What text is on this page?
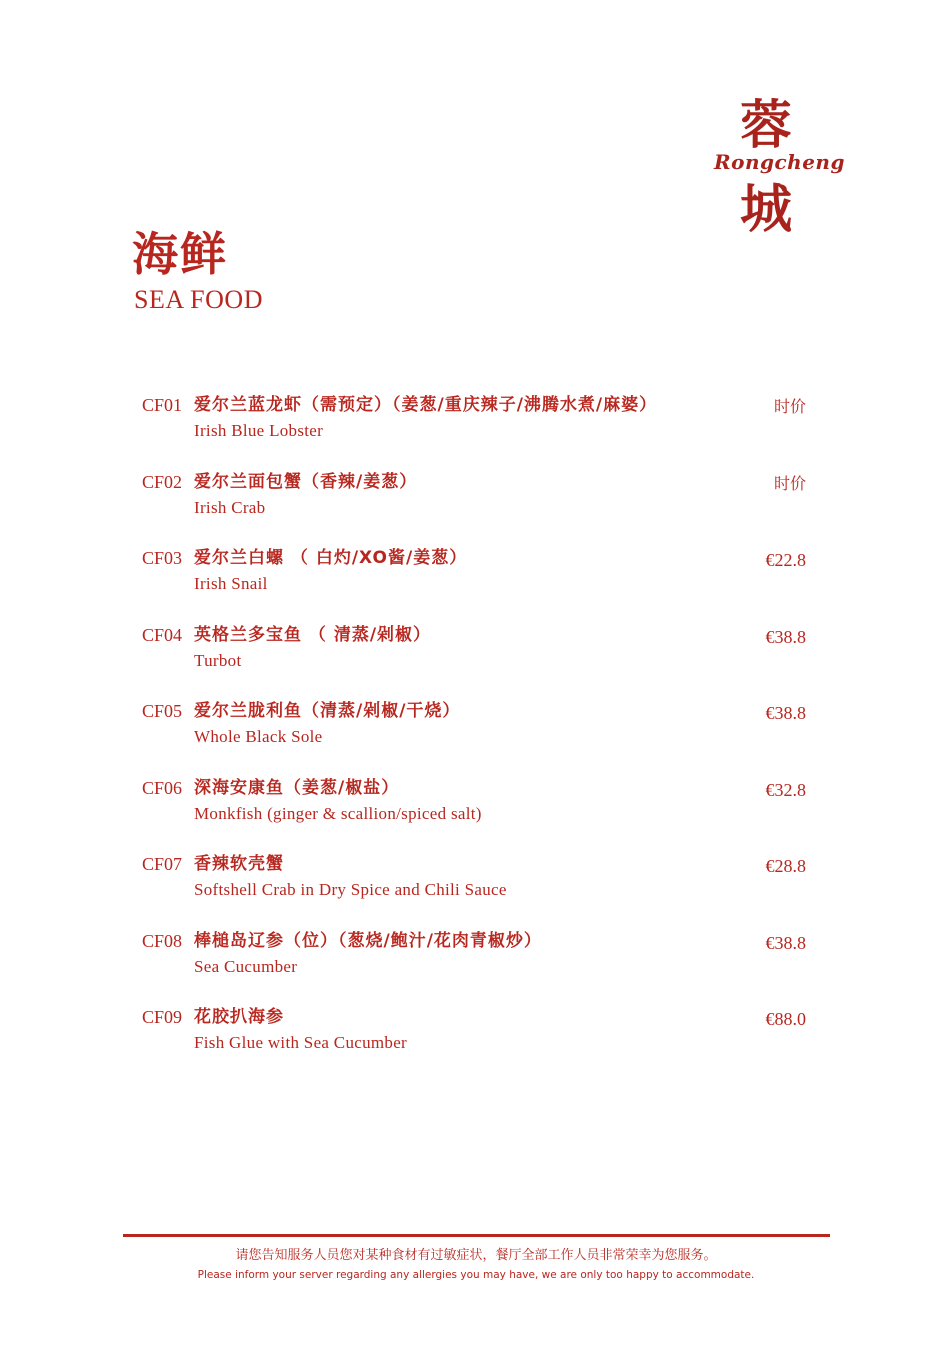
蓉
Rongcheng
城
海鲜
SEA FOOD
CF01 爱尔兰蓝龙虾（需预定）（姜葱/重庆辣子/沸腾水煮/麻婆）
Irish Blue Lobster
时价
CF02 爱尔兰面包蟹（香辣/姜葱）
Irish Crab
时价
CF03 爱尔兰白螺 （ 白灼/XO酱/姜葱）
Irish Snail
€22.8
CF04 英格兰多宝鱼 （ 清蒸/剁椒）
Turbot
€38.8
CF05 爱尔兰胧利鱼（清蒸/剁椒/干烧）
Whole Black Sole
€38.8
CF06 深海安康鱼（姜葱/椒盐）
Monkfish (ginger & scallion/spiced salt)
€32.8
CF07 香辣软壳蟹
Softshell Crab in Dry Spice and Chili Sauce
€28.8
CF08 棒槌岛辽参（位）（葱烧/鲍汁/花肉青椒炒）
Sea Cucumber
€38.8
CF09 花胶扒海参
Fish Glue with Sea Cucumber
€88.0
请您告知服务人员您对某种食材有过敏症状，餐厅全部工作人员非常荣幸为您服务。
Please inform your server regarding any allergies you may have, we are only too happy to accommodate.
